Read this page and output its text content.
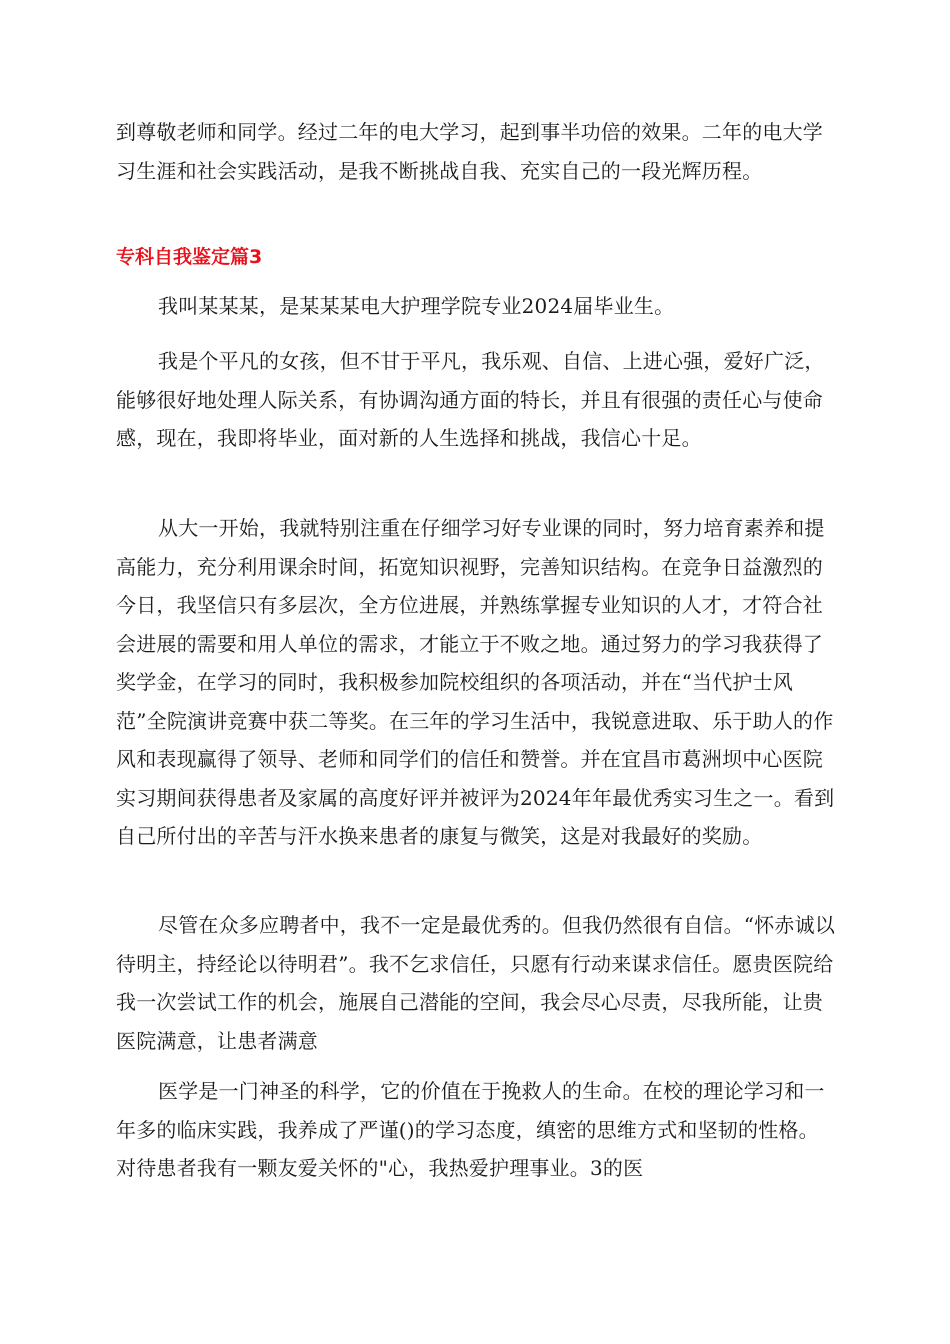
到尊敬老师和同学。经过二年的电大学习，起到事半功倍的效果。二年的电大学习生涯和社会实践活动，是我不断挑战自我、充实自己的一段光辉历程。

专科自我鉴定篇3

我叫某某某，是某某某电大护理学院专业2024届毕业生。

我是个平凡的女孩，但不甘于平凡，我乐观、自信、上进心强，爱好广泛，能够很好地处理人际关系，有协调沟通方面的特长，并且有很强的责任心与使命感，现在，我即将毕业，面对新的人生选择和挑战，我信心十足。

从大一开始，我就特别注重在仔细学习好专业课的同时，努力培育素养和提高能力，充分利用课余时间，拓宽知识视野，完善知识结构。在竞争日益激烈的今日，我坚信只有多层次，全方位进展，并熟练掌握专业知识的人才，才符合社会进展的需要和用人单位的需求，才能立于不败之地。通过努力的学习我获得了奖学金，在学习的同时，我积极参加院校组织的各项活动，并在“当代护士风范”全院演讲竞赛中获二等奖。在三年的学习生活中，我锐意进取、乐于助人的作风和表现赢得了领导、老师和同学们的信任和赞誉。并在宜昌市葛洲坝中心医院实习期间获得患者及家属的高度好评并被评为2024年年最优秀实习生之一。看到自己所付出的辛苦与汗水换来患者的康复与微笑，这是对我最好的奖励。

尽管在众多应聘者中，我不一定是最优秀的。但我仍然很有自信。“怀赤诚以待明主，持经论以待明君”。我不乞求信任，只愿有行动来谋求信任。愿贵医院给我一次尝试工作的机会，施展自己潜能的空间，我会尽心尽责，尽我所能，让贵医院满意，让患者满意

医学是一门神圣的科学，它的价值在于挽救人的生命。在校的理论学习和一年多的临床实践，我养成了严谨()的学习态度，缜密的思维方式和坚韧的性格。对待患者我有一颗友爱关怀的"心，我热爱护理事业。3的医
